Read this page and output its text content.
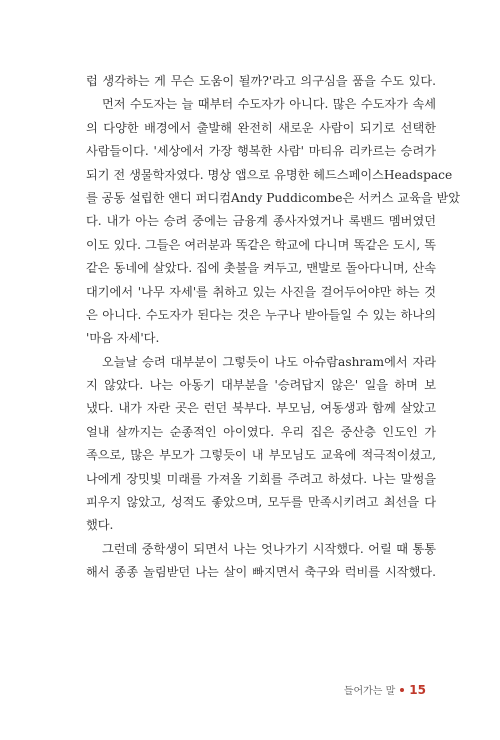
럽 생각하는 게 무슨 도움이 될까?'라고 의구심을 품을 수도 있다.
먼저 수도자는 늘 때부터 수도자가 아니다. 많은 수도자가 속세
의 다양한 배경에서 출발해 완전히 새로운 사람이 되기로 선택한
사람들이다. '세상에서 가장 행복한 사람' 마티유 리카르는 승려가
되기 전 생물학자였다. 명상 앱으로 유명한 헤드스페이스Headspace
를 공동 설립한 앤디 퍼디컴Andy Puddicombe은 서커스 교육을 받았
다. 내가 아는 승려 중에는 금융계 종사자였거나 록밴드 멤버였던
이도 있다. 그들은 여러분과 똑같은 학교에 다니며 똑같은 도시, 똑
같은 동네에 살았다. 집에 촛불을 켜두고, 맨발로 돌아다니며, 산속
대기에서 '나무 자세'를 취하고 있는 사진을 걸어두어야만 하는 것
은 아니다. 수도자가 된다는 것은 누구나 받아들일 수 있는 하나의
'마음 자세'다.
오늘날 승려 대부분이 그렇듯이 나도 아슈람ashram에서 자라
지 않았다. 나는 아동기 대부분을 '승려답지 않은' 일을 하며 보
냈다. 내가 자란 곳은 런던 북부다. 부모님, 여동생과 함께 살았고
얼내 살까지는 순종적인 아이였다. 우리 집은 중산층 인도인 가
족으로, 많은 부모가 그렇듯이 내 부모님도 교육에 적극적이셨고,
나에게 장밋빛 미래를 가져올 기회를 주려고 하셨다. 나는 말썽을
피우지 않았고, 성적도 좋았으며, 모두를 만족시키려고 최선을 다
했다.
그런데 중학생이 되면서 나는 엇나가기 시작했다. 어릴 때 통통
해서 종종 놀림받던 나는 살이 빠지면서 축구와 럭비를 시작했다.
들어가는 말 15
